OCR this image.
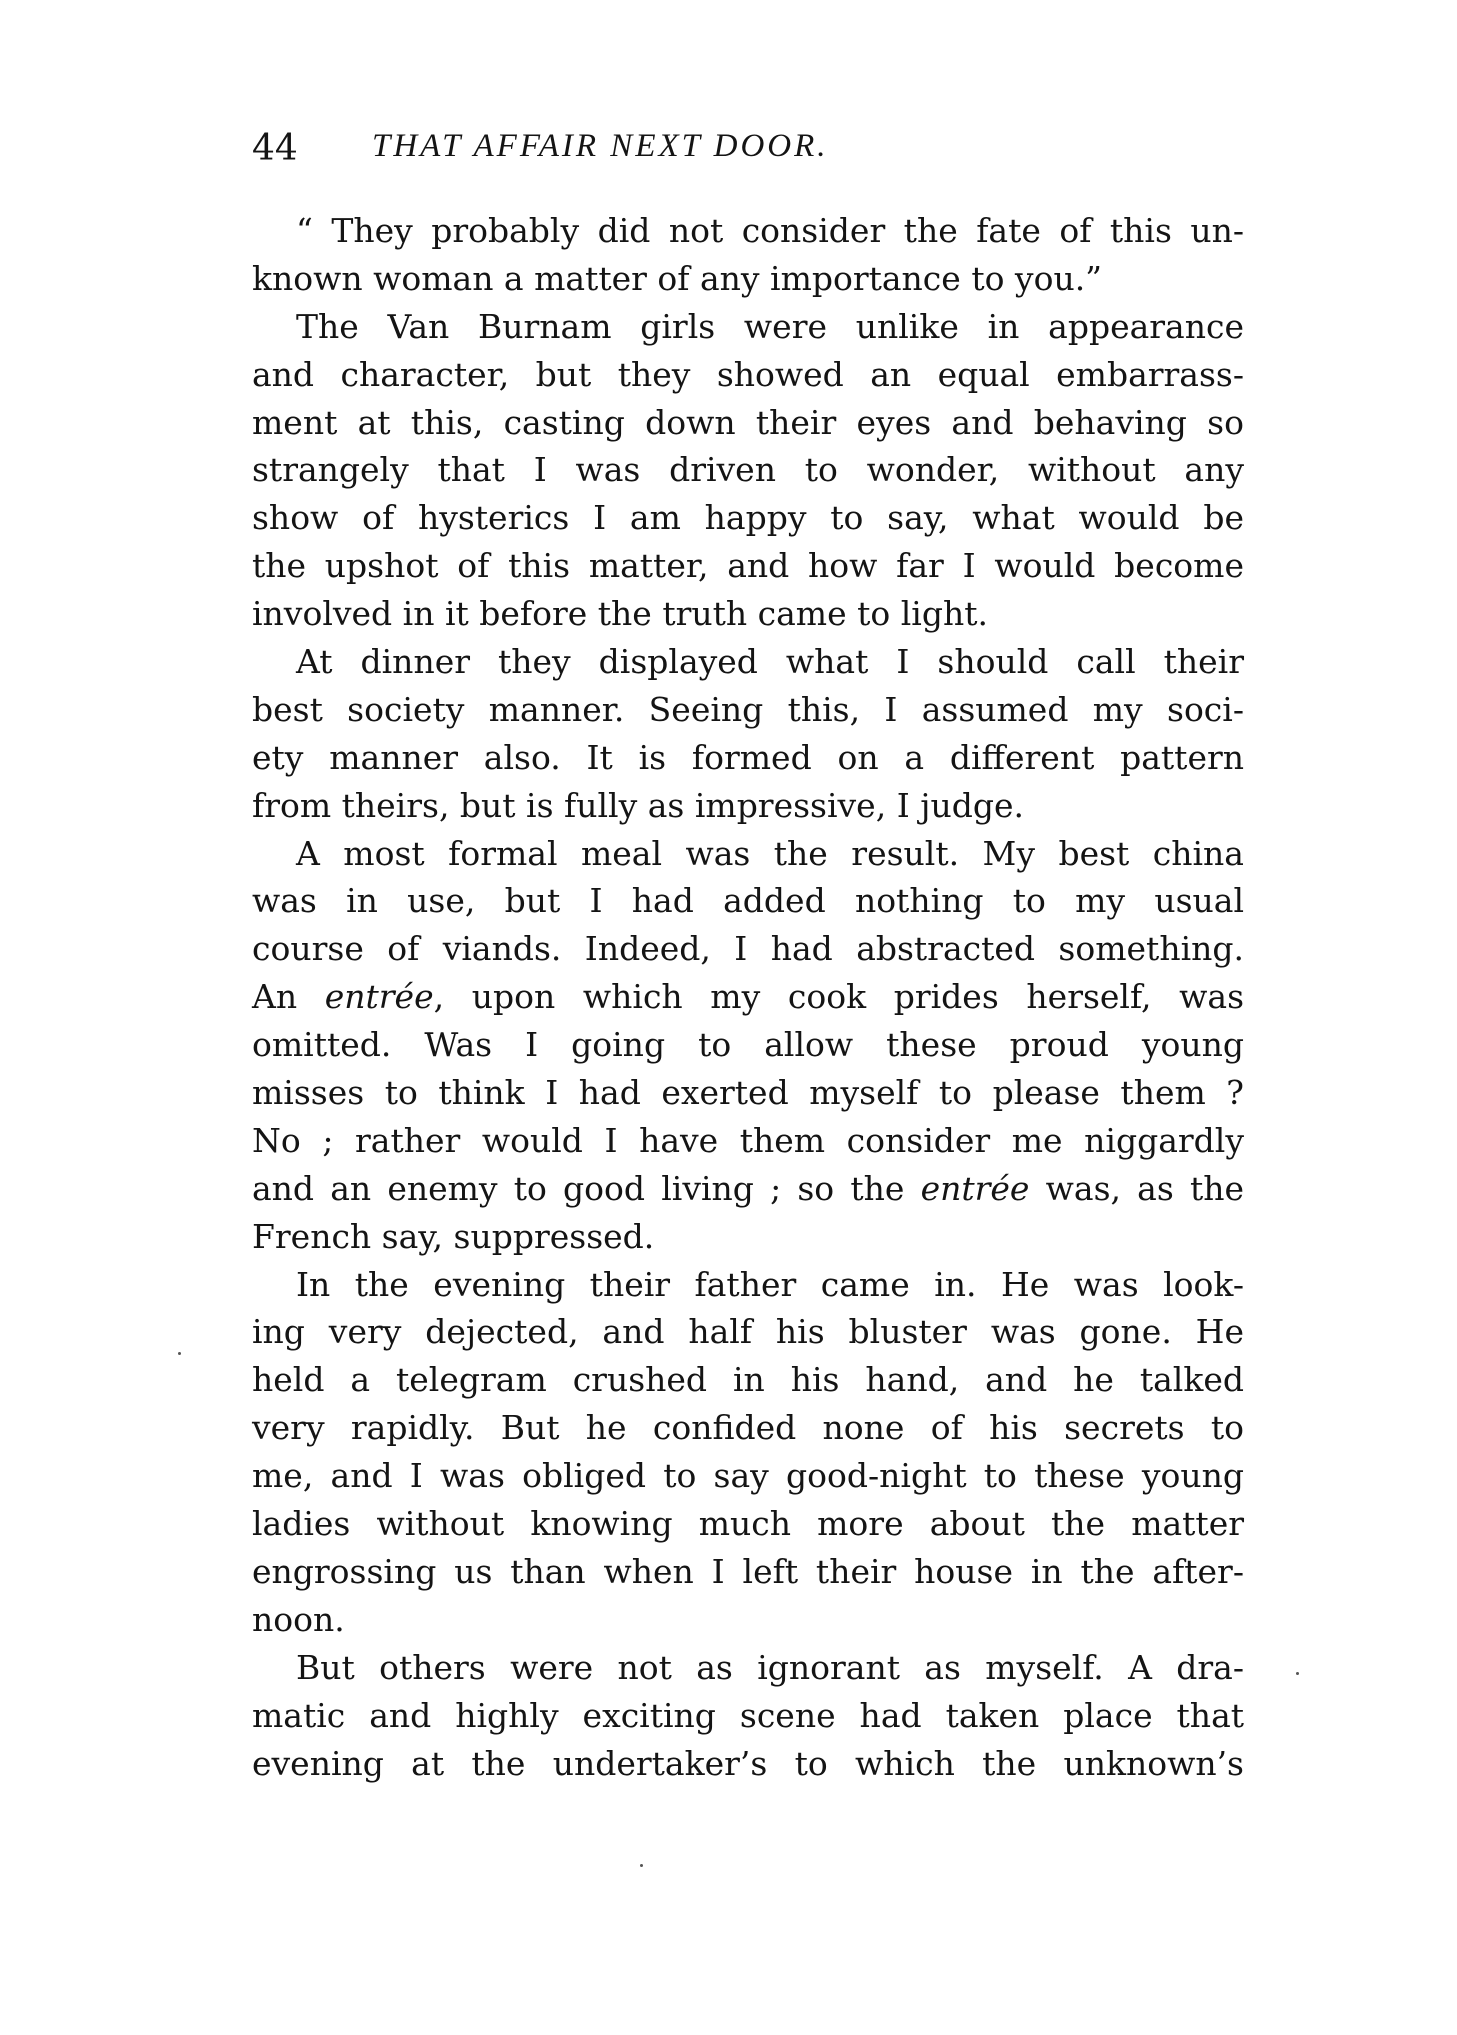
44 THAT AFFAIR NEXT DOOR.
“ They probably did not consider the fate of this un-
known woman a matter of any importance to you.”
The Van Burnam girls were unlike in appearance
and character, but they showed an equal embarrass-
ment at this, casting down their eyes and behaving so
strangely that I was driven to wonder, without any
show of hysterics I am happy to say, what would be
the upshot of this matter, and how far I would become
involved in it before the truth came to light.
At dinner they displayed what I should call their
best society manner. Seeing this, I assumed my soci-
ety manner also. It is formed on a different pattern
from theirs, but is fully as impressive, I judge.
A most formal meal was the result. My best china
was in use, but I had added nothing to my usual
course of viands. Indeed, I had abstracted something.
An entrée, upon which my cook prides herself, was
omitted. Was I going to allow these proud young
misses to think I had exerted myself to please them ?
No ; rather would I have them consider me niggardly
and an enemy to good living ; so the entrée was, as the
French say, suppressed.
In the evening their father came in. He was look-
ing very dejected, and half his bluster was gone. He
held a telegram crushed in his hand, and he talked
very rapidly. But he confided none of his secrets to
me, and I was obliged to say good-night to these young
ladies without knowing much more about the matter
engrossing us than when I left their house in the after-
noon.
But others were not as ignorant as myself. A dra-
matic and highly exciting scene had taken place that
evening at the undertaker’s to which the unknown’s
